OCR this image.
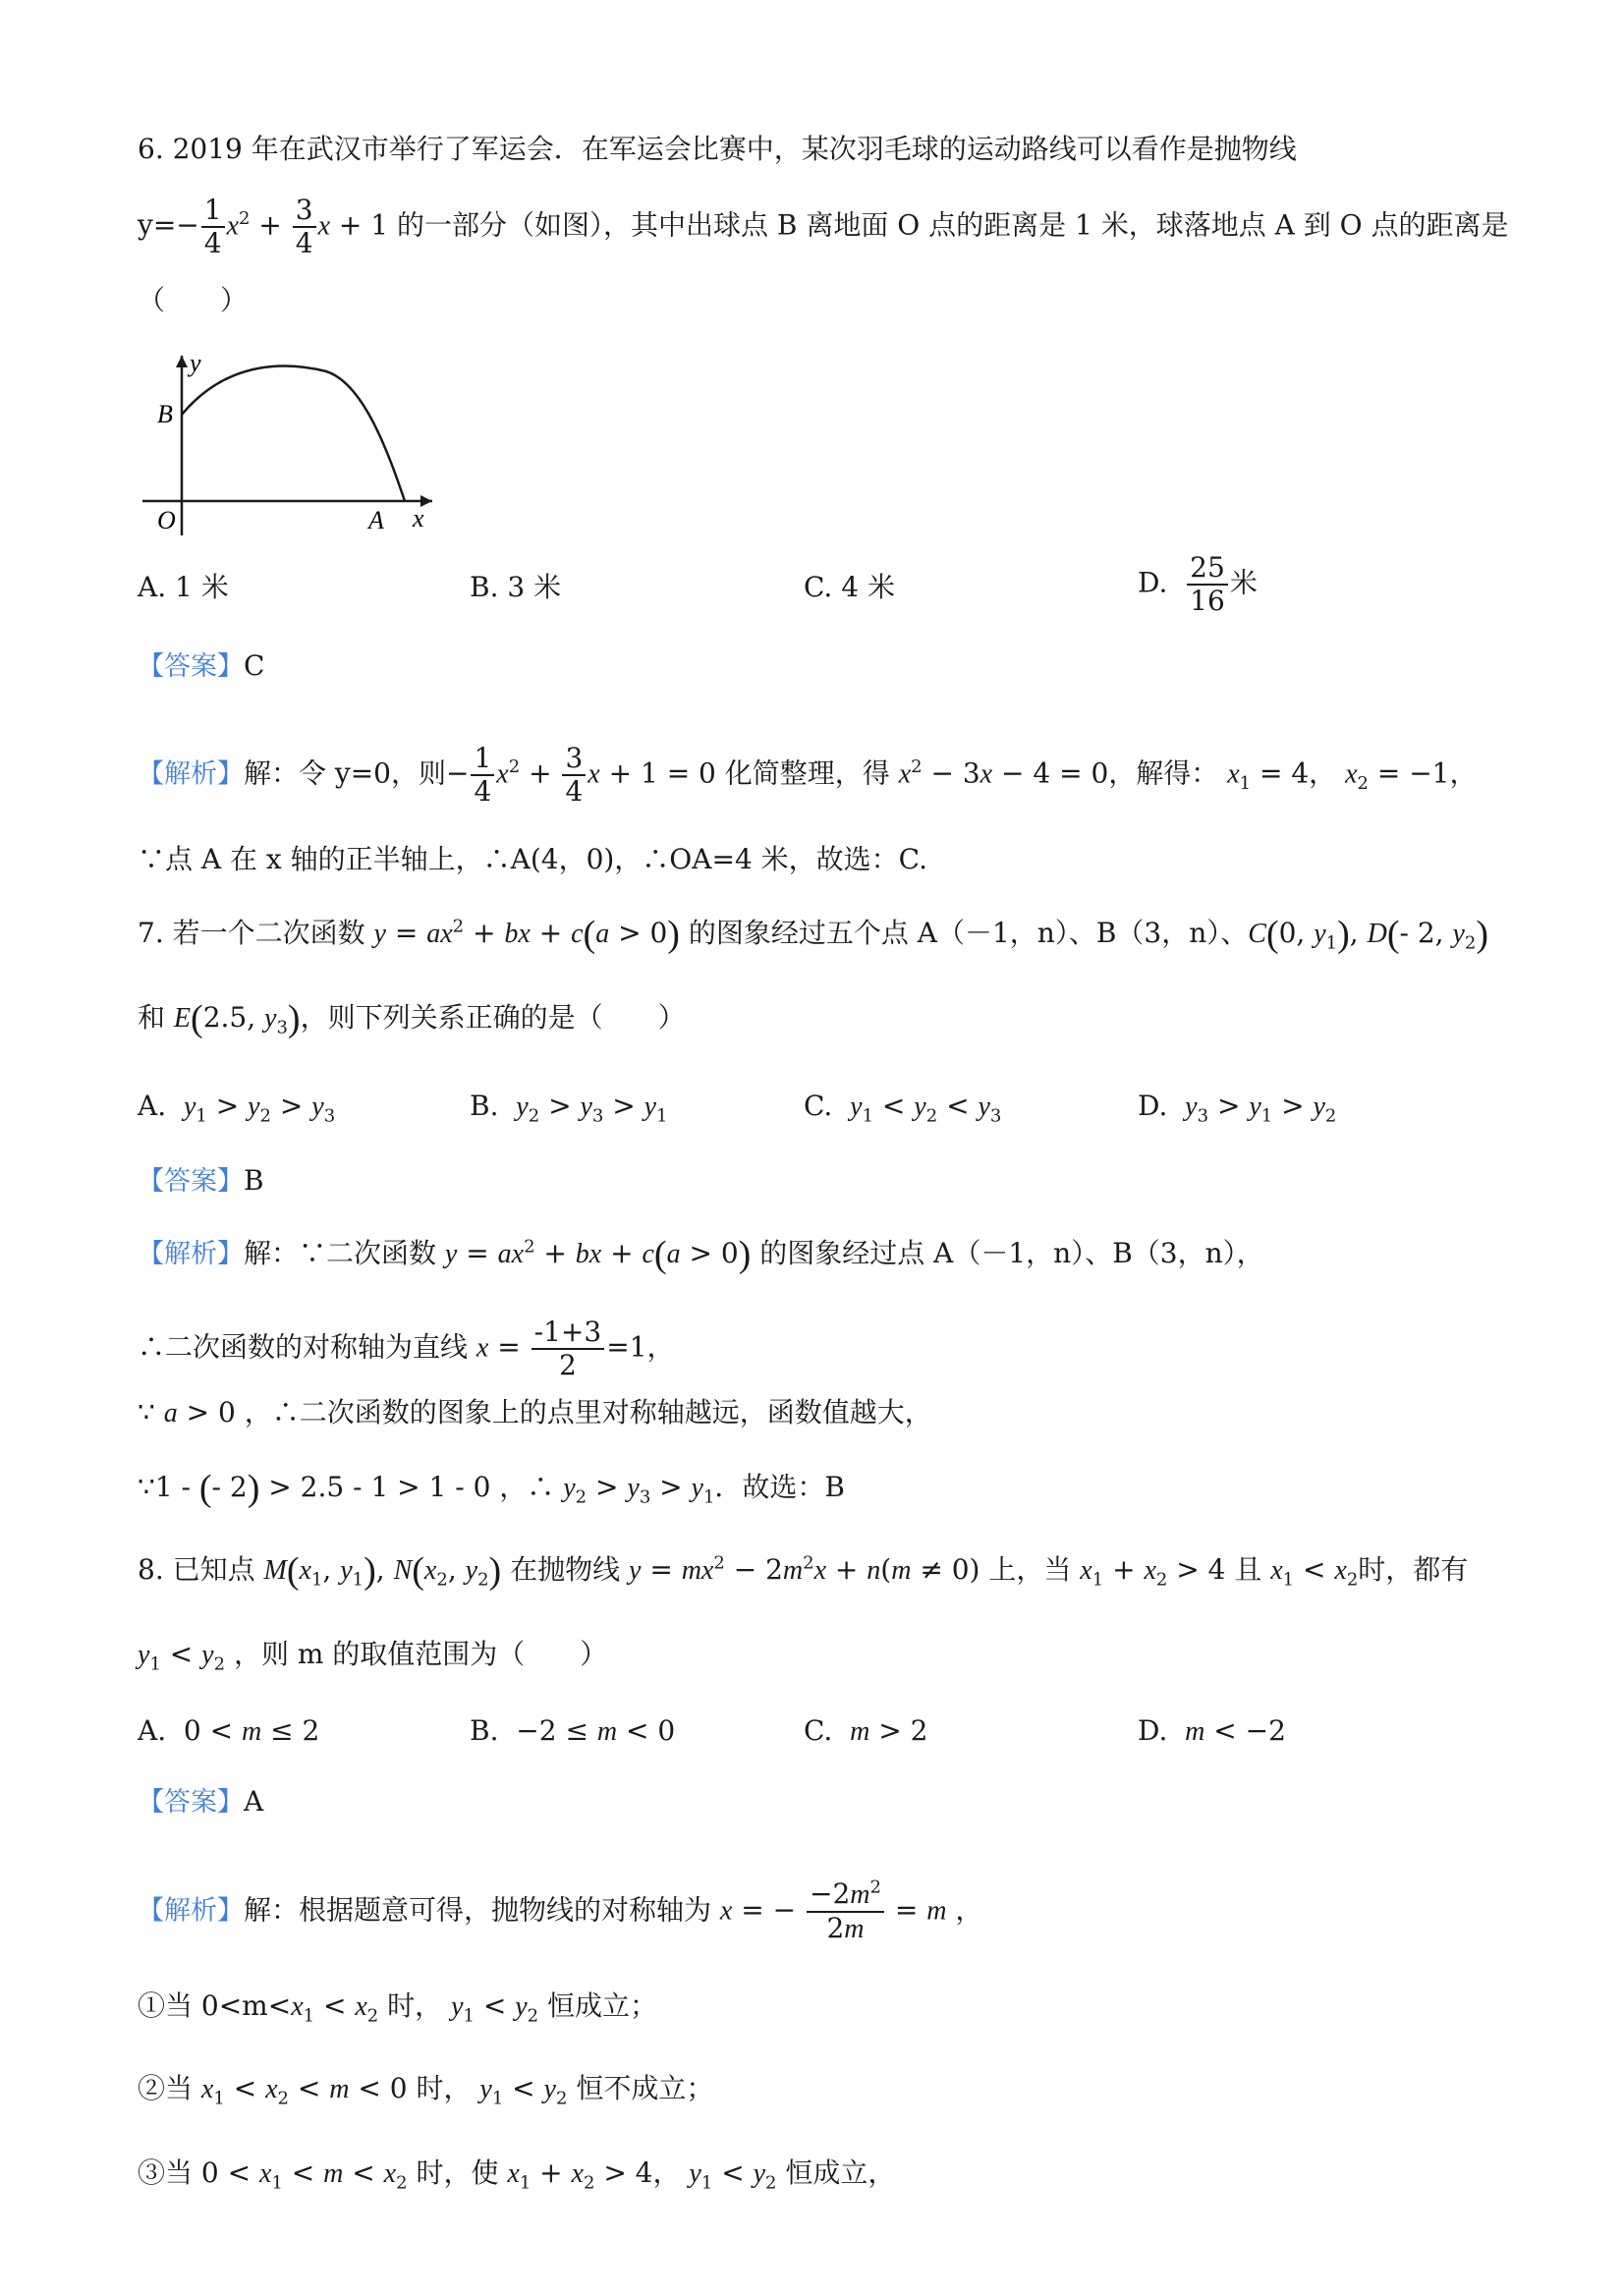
6. 2019 年在武汉市举行了军运会．在军运会比赛中，某次羽毛球的运动路线可以看作是抛物线
$y=- \frac{1}{4} x^2 + \frac{3}{4}$ x + 1 的一部分（如图），其中出球点 B 离地面 O 点的距离是 1 米，球落地点 A 到 O 点的距离是
（　　）
y
B
O	A x
A. 1 米	B. 3 米	C. 4 米	D. $\frac{25}{16}$ 米
【答案】C
【解析】解：令 y=0，则− $\frac{1}{4} x^2 + \frac{3}{4}$ x + 1 = 0 化简整理，得 $x^2 - 3x - 4 = 0$，解得： $x_1 = 4$， $x_2 = -1$，
∵点 A 在 x 轴的正半轴上，∴A(4，0)，∴OA=4 米，故选：C.
7. 若一个二次函数 $y = ax^2$ + bx + c(a > 0) 的图象经过五个点 A（－1，n）、B（3，n）、C(0, $y_1$), D(- 2, $y_2$)
和 E(2.5, $y_3$)，则下列关系正确的是（　　）
A. $y_1 > y_2 > y_3$	B. $y_2 > y_3 > y_1$	C. $y_1 < y_2 < y_3$	D. $y_3 > y_1 > y_2$
【答案】B
【解析】解：∵二次函数 $y = ax^2$ + bx + c(a > 0) 的图象经过点 A（－1，n）、B（3，n），
∴二次函数的对称轴为直线 $x = \frac{-1+3}{2} =1$，
∵ a > 0 ，∴二次函数的图象上的点里对称轴越远，函数值越大，
∵1 - (- 2) > 2.5 - 1 > 1 - 0 ，∴ $y_2 > y_3 > y_1$．故选：B
8. 已知点 $M(x_1$, $y_1$), $N(x_2$, $y_2$) 在抛物线 $y = mx^2 - 2m^2x + n(m \ne 0)$ 上，当 $x_1 + x_2 > 4$ 且 $x_1 < x_2$时，都有
$y_1 < y_2$ ，则 m 的取值范围为（　　）
A.  0 < m ≤ 2	B.  −2 ≤ m < 0	C. m > 2	D. m < −2
【答案】A
【解析】解：根据题意可得，抛物线的对称轴为 x = − $\frac{-2m^2}{2m} = m$ ，
①当 $0<m<x_1 < x_2$ 时， $y_1 < y_2$ 恒成立；
②当 $x_1 < x_2 < m < 0$ 时， $y_1 < y_2$ 恒不成立；
③当 $0 < x_1 < m < x_2$ 时，使 $x_1 + x_2 > 4$， $y_1 < y_2$ 恒成立，
